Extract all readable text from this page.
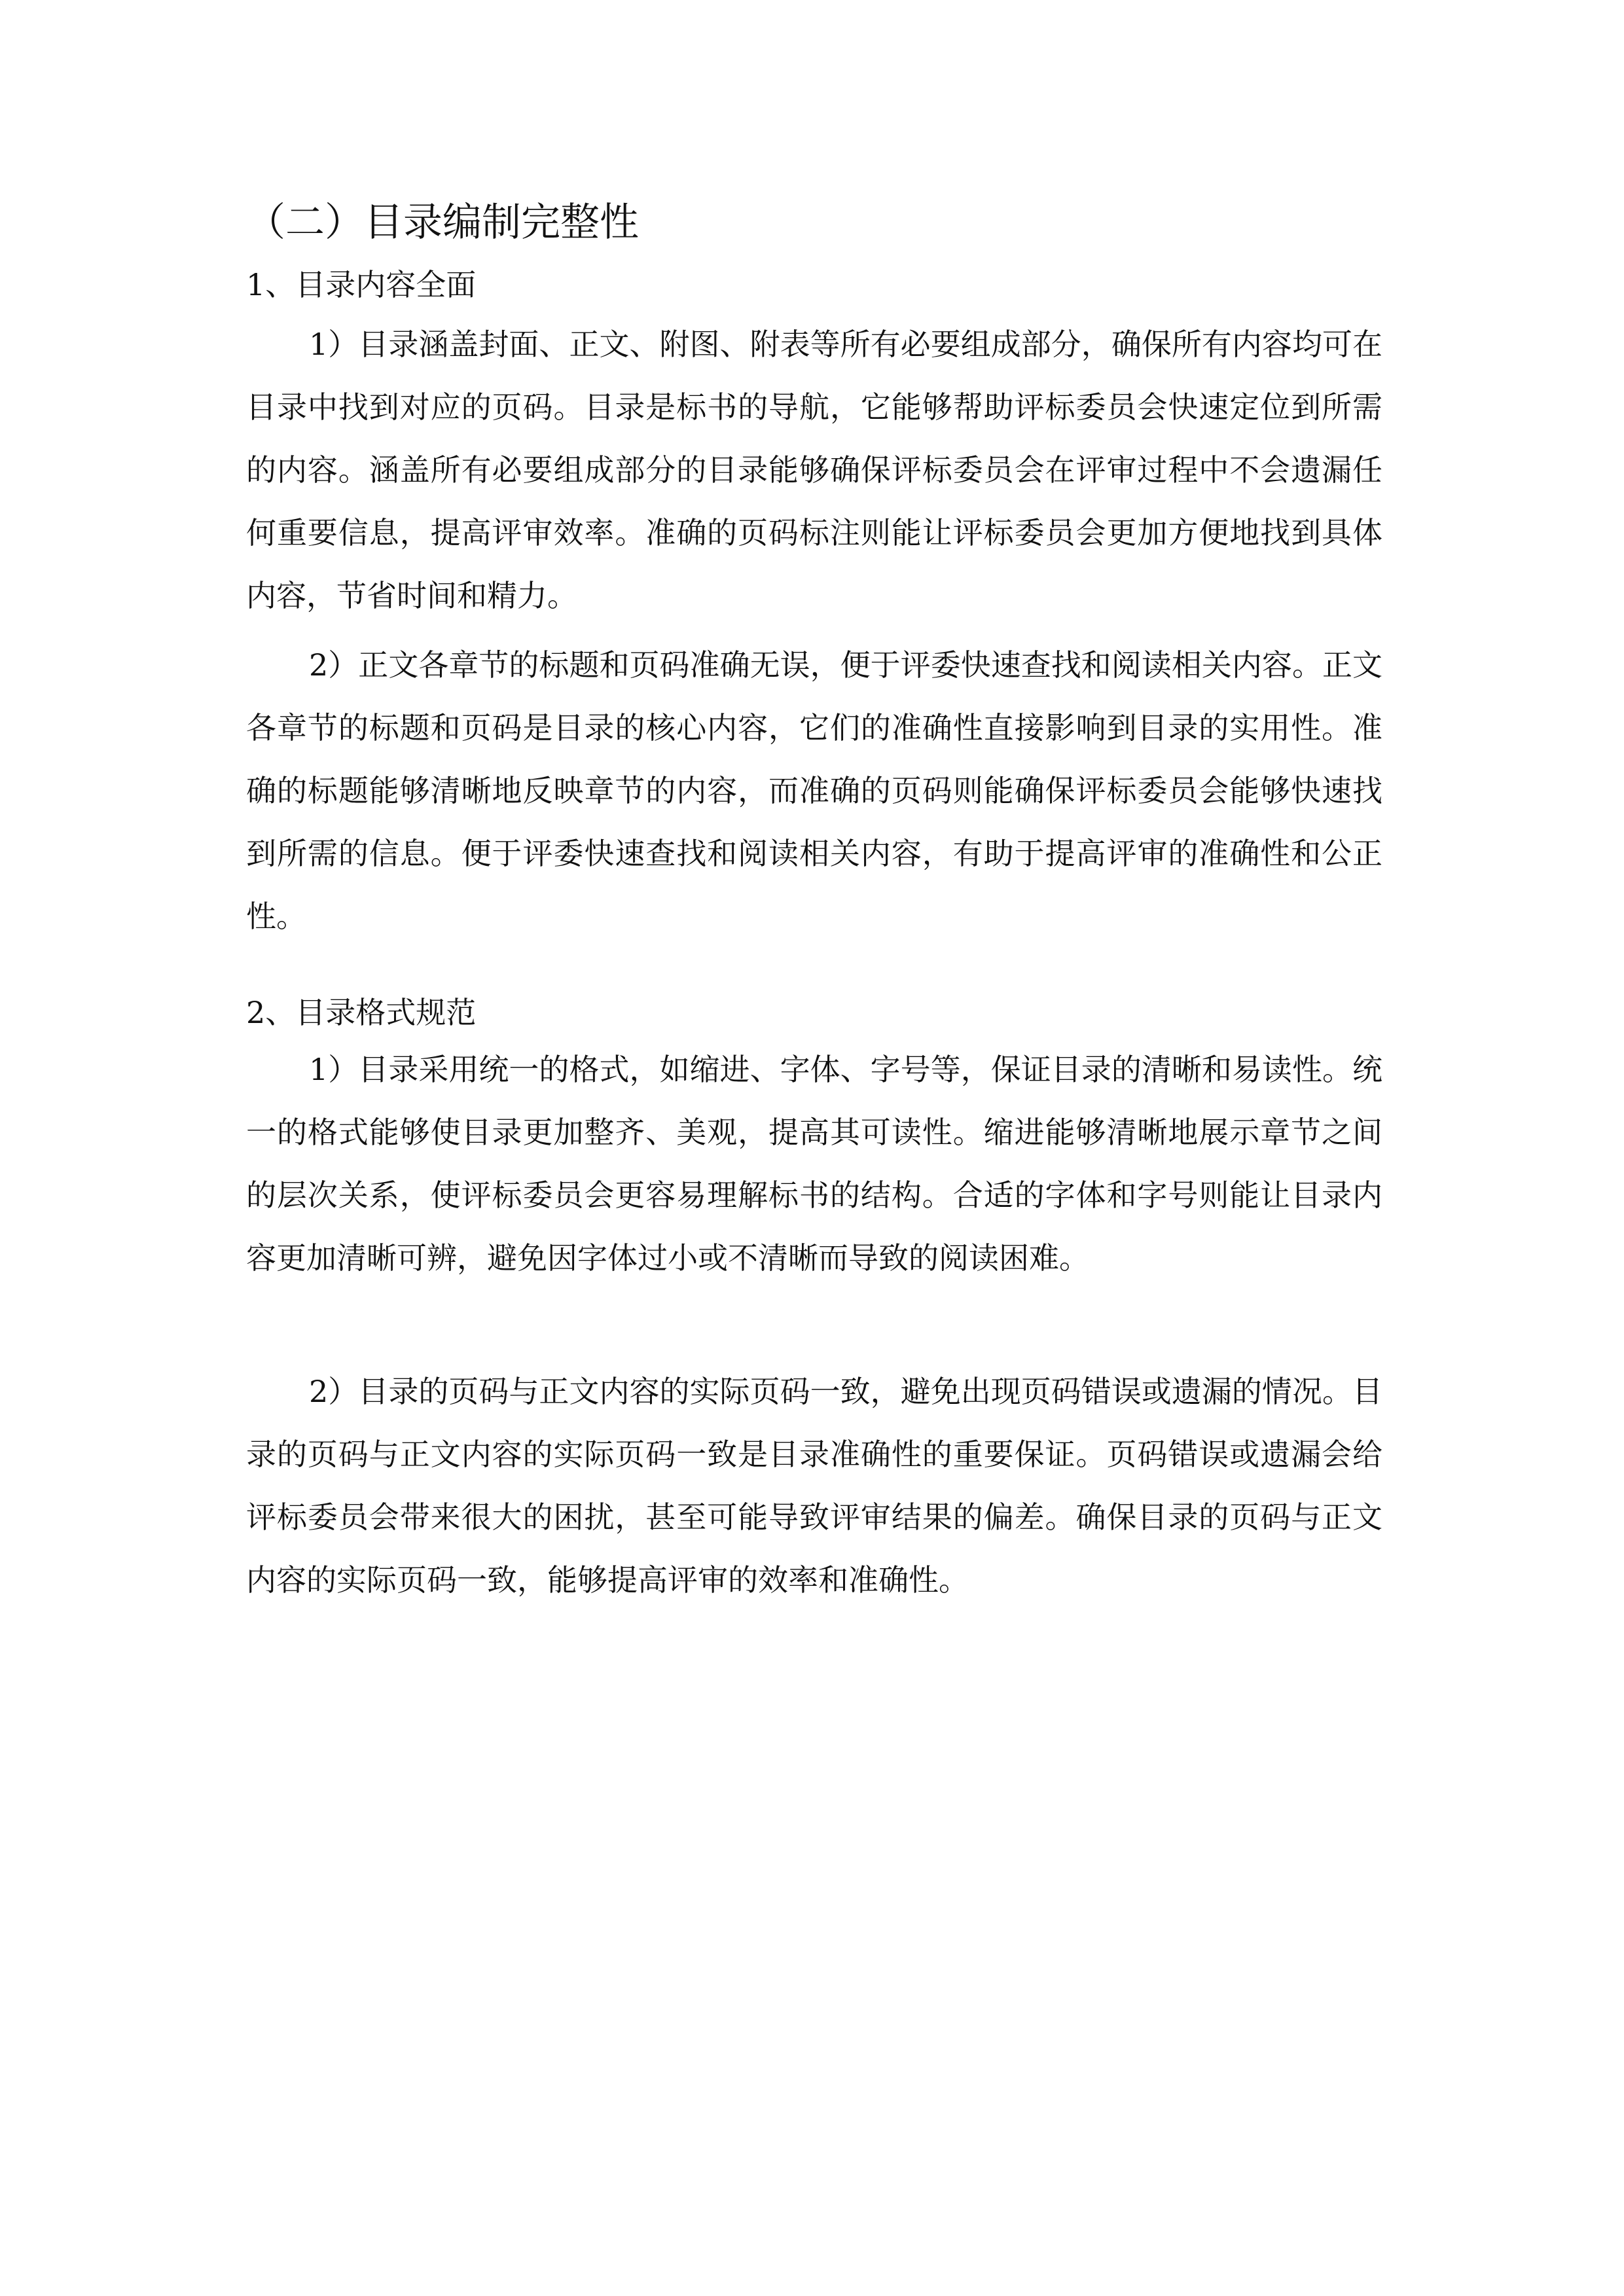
（二）目录编制完整性
1、目录内容全面

1）目录涵盖封面、正文、附图、附表等所有必要组成部分，确保所有内容均可在目录中找到对应的页码。目录是标书的导航，它能够帮助评标委员会快速定位到所需的内容。涵盖所有必要组成部分的目录能够确保评标委员会在评审过程中不会遗漏任何重要信息，提高评审效率。准确的页码标注则能让评标委员会更加方便地找到具体内容，节省时间和精力。

2）正文各章节的标题和页码准确无误，便于评委快速查找和阅读相关内容。正文各章节的标题和页码是目录的核心内容，它们的准确性直接影响到目录的实用性。准确的标题能够清晰地反映章节的内容，而准确的页码则能确保评标委员会能够快速找到所需的信息。便于评委快速查找和阅读相关内容，有助于提高评审的准确性和公正性。

2、目录格式规范

1）目录采用统一的格式，如缩进、字体、字号等，保证目录的清晰和易读性。统一的格式能够使目录更加整齐、美观，提高其可读性。缩进能够清晰地展示章节之间的层次关系，使评标委员会更容易理解标书的结构。合适的字体和字号则能让目录内容更加清晰可辨，避免因字体过小或不清晰而导致的阅读困难。

2）目录的页码与正文内容的实际页码一致，避免出现页码错误或遗漏的情况。目录的页码与正文内容的实际页码一致是目录准确性的重要保证。页码错误或遗漏会给评标委员会带来很大的困扰，甚至可能导致评审结果的偏差。确保目录的页码与正文内容的实际页码一致，能够提高评审的效率和准确性。
